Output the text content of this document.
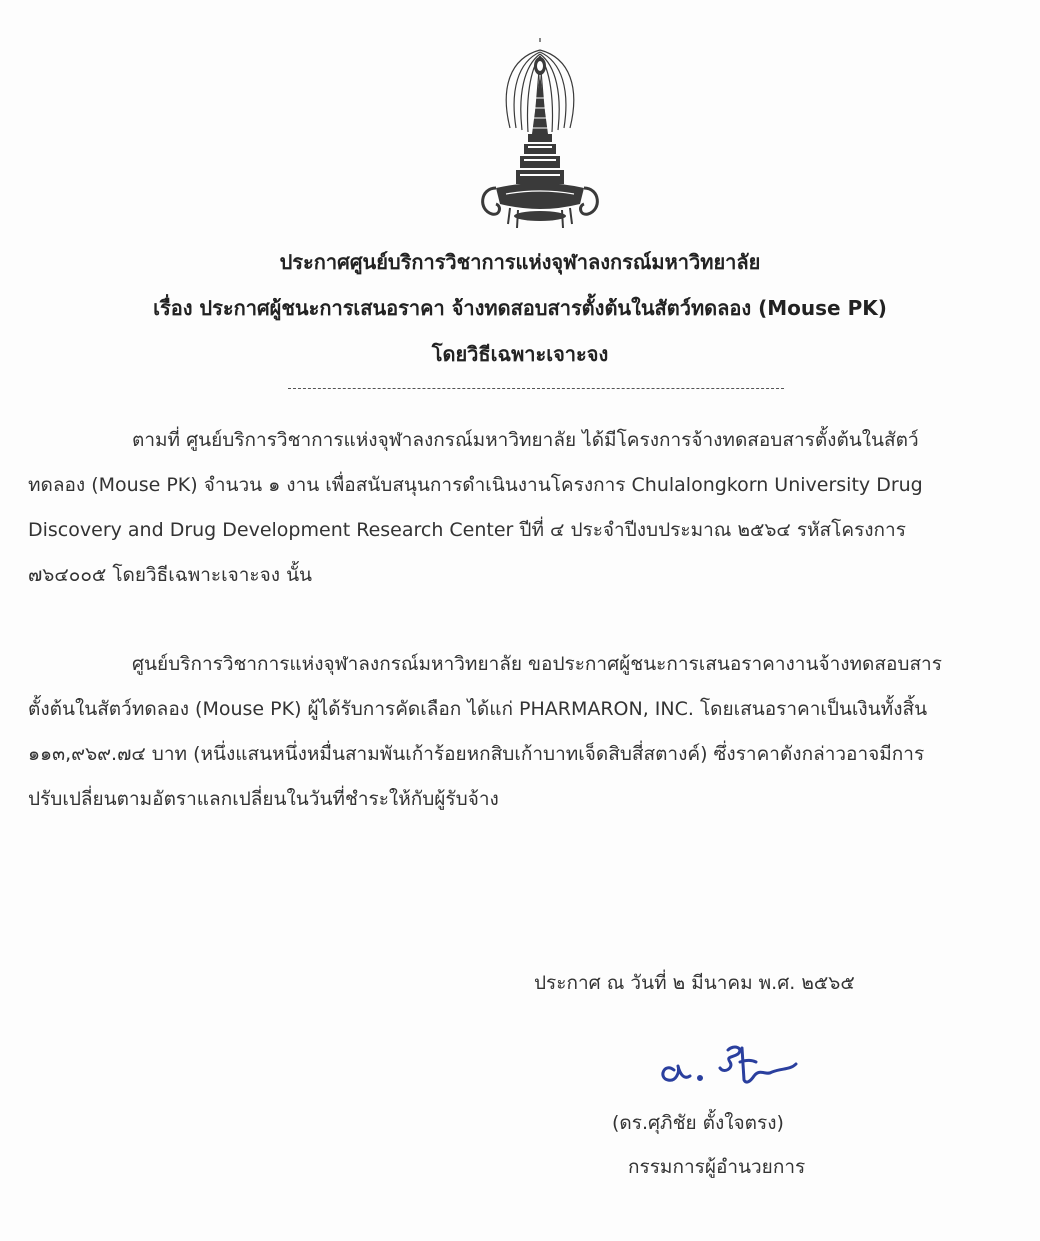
ประกาศศูนย์บริการวิชาการแห่งจุฬาลงกรณ์มหาวิทยาลัย
เรื่อง ประกาศผู้ชนะการเสนอราคา จ้างทดสอบสารตั้งต้นในสัตว์ทดลอง (Mouse PK)
โดยวิธีเฉพาะเจาะจง
ตามที่ ศูนย์บริการวิชาการแห่งจุฬาลงกรณ์มหาวิทยาลัย ได้มีโครงการจ้างทดสอบสารตั้งต้นในสัตว์
ทดลอง (Mouse PK) จำนวน ๑ งาน เพื่อสนับสนุนการดำเนินงานโครงการ Chulalongkorn University Drug
Discovery and Drug Development Research Center ปีที่ ๔ ประจำปีงบประมาณ ๒๕๖๔ รหัสโครงการ
๗๖๔๐๐๕ โดยวิธีเฉพาะเจาะจง นั้น
ศูนย์บริการวิชาการแห่งจุฬาลงกรณ์มหาวิทยาลัย ขอประกาศผู้ชนะการเสนอราคางานจ้างทดสอบสาร
ตั้งต้นในสัตว์ทดลอง (Mouse PK) ผู้ได้รับการคัดเลือก ได้แก่ PHARMARON, INC. โดยเสนอราคาเป็นเงินทั้งสิ้น
๑๑๓,๙๖๙.๗๔ บาท (หนึ่งแสนหนึ่งหมื่นสามพันเก้าร้อยหกสิบเก้าบาทเจ็ดสิบสี่สตางค์) ซึ่งราคาดังกล่าวอาจมีการ
ปรับเปลี่ยนตามอัตราแลกเปลี่ยนในวันที่ชำระให้กับผู้รับจ้าง
ประกาศ ณ วันที่ ๒ มีนาคม พ.ศ. ๒๕๖๕
(ดร.ศุภิชัย ตั้งใจตรง)
กรรมการผู้อำนวยการ
